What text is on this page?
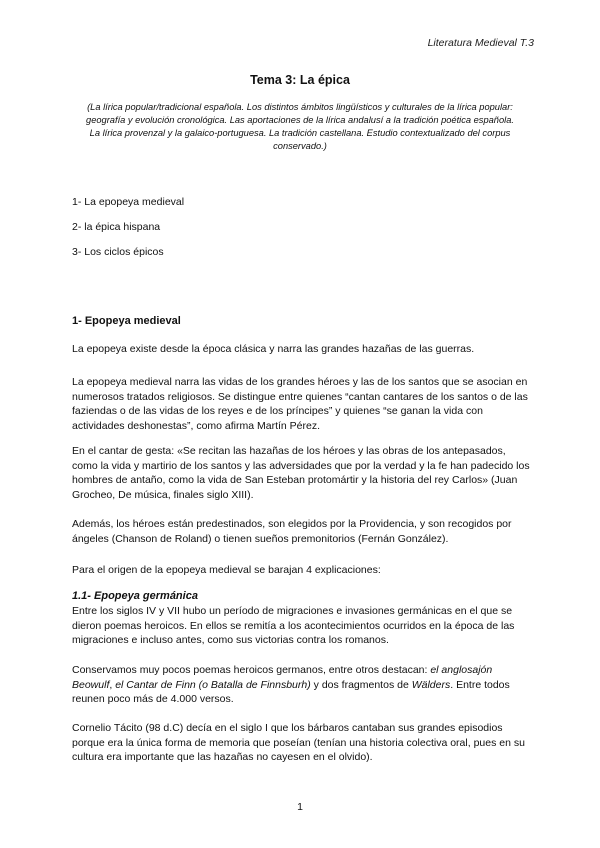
Literatura Medieval T.3
Tema 3: La épica
(La lírica popular/tradicional española. Los distintos ámbitos lingüísticos y culturales de la lírica popular: geografía y evolución cronológica. Las aportaciones de la lírica andalusí a la tradición poética española. La lírica provenzal y la galaico-portuguesa. La tradición castellana. Estudio contextualizado del corpus conservado.)
1- La epopeya medieval
2- la épica hispana
3- Los ciclos épicos
1- Epopeya medieval
La epopeya existe desde la época clásica y narra las grandes hazañas de las guerras.
La epopeya medieval narra las vidas de los grandes héroes y las de los santos que se asocian en numerosos tratados religiosos. Se distingue entre quienes “cantan cantares de los santos o de las faziendas o de las vidas de los reyes e de los príncipes” y quienes “se ganan la vida con actividades deshonestas”, como afirma Martín Pérez.
En el cantar de gesta: «Se recitan las hazañas de los héroes y las obras de los antepasados, como la vida y martirio de los santos y las adversidades que por la verdad y la fe han padecido los hombres de antaño, como la vida de San Esteban protomártir y la historia del rey Carlos» (Juan Grocheo, De música, finales siglo XIII).
Además, los héroes están predestinados, son elegidos por la Providencia, y son recogidos por ángeles (Chanson de Roland) o tienen sueños premonitorios (Fernán González).
Para el origen de la epopeya medieval se barajan 4 explicaciones:
1.1- Epopeya germánica
Entre los siglos IV y VII hubo un período de migraciones e invasiones germánicas en el que se dieron poemas heroicos. En ellos se remitía a los acontecimientos ocurridos en la época de las migraciones e incluso antes, como sus victorias contra los romanos.
Conservamos muy pocos poemas heroicos germanos, entre otros destacan: el anglosajón Beowulf, el Cantar de Finn (o Batalla de Finnsburh) y dos fragmentos de Wälders. Entre todos reunen poco más de 4.000 versos.
Cornelio Tácito (98 d.C) decía en el siglo I que los bárbaros cantaban sus grandes episodios porque era la única forma de memoria que poseían (tenían una historia colectiva oral, pues en su cultura era importante que las hazañas no cayesen en el olvido).
1
